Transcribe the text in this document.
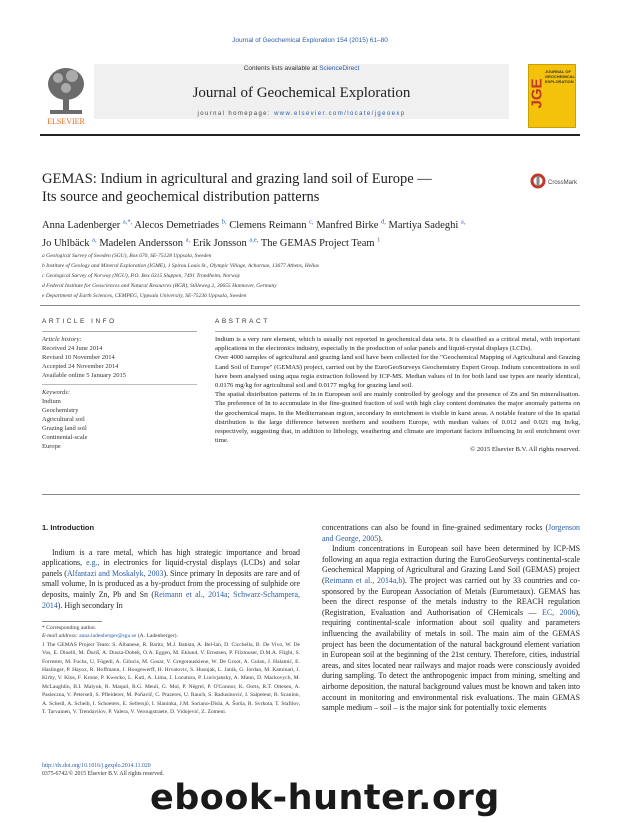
Journal of Geochemical Exploration 154 (2015) 61–80
Contents lists available at ScienceDirect
Journal of Geochemical Exploration
journal homepage: www.elsevier.com/locate/jgeoexp
ELSEVIER
JOURNAL OF
GEOCHEMICAL
EXPLORATION
JGE
GEMAS: Indium in agricultural and grazing land soil of Europe —
Its source and geochemical distribution patterns
CrossMark
Anna Ladenberger $^{a,*,}$ Alecos Demetriades $^{b,}$ Clemens Reimann $^{c,}$ Manfred Birke $^{d,}$ Martiya Sadeghi $^{a,}$
Jo Uhlbäck $^{a,}$ Madelen Andersson $^{a,}$ Erik Jonsson $^{a,e,}$ The GEMAS Project Team $^1$
a Geological Survey of Sweden (SGU), Box 670, SE-75128 Uppsala, Sweden
b Institute of Geology and Mineral Exploration (IGME), 1 Spirou Louis St., Olympic Village, Acharnae, 13677 Athens, Hellas
c Geological Survey of Norway (NGU), P.O. Box 6315 Sluppen, 7491 Trondheim, Norway
d Federal Institute for Geosciences and Natural Resources (BGR), Stilleweg 2, 30655 Hannover, Germany
e Department of Earth Sciences, CEMPEG, Uppsala University, SE-75236 Uppsala, Sweden
ARTICLE INFO	ABSTRACT
Article history:
Received 24 June 2014
Revised 10 November 2014
Accepted 24 November 2014
Available online 5 January 2015
Keywords:
Indium
Geochemistry
Agricultural soil
Grazing land soil
Continental-scale
Europe

Indium is a very rare element, which is usually not reported in geochemical data sets. It is classified as a critical metal, with important applications in the electronics industry, especially in the production of solar panels and liquid-crystal displays (LCDs).

Over 4000 samples of agricultural and grazing land soil have been collected for the "Geochemical Mapping of Agricultural and Grazing Land Soil of Europe" (GEMAS) project, carried out by the EuroGeoSurveys Geochemistry Expert Group. Indium concentrations in soil have been analysed using aqua regia extraction followed by ICP-MS. Median values of In for both land use types are nearly identical, 0.0176 mg/kg for agricultural soil and 0.0177 mg/kg for grazing land soil.

The spatial distribution patterns of In in European soil are mainly controlled by geology and the presence of Zn and Sn mineralisation. The preference of In to accumulate in the fine-grained fraction of soil with high clay content dominates the major anomaly patterns on the geochemical maps. In the Mediterranean region, secondary In enrichment is visible in karst areas. A notable feature of the In spatial distribution is the large difference between northern and southern Europe, with median values of 0.012 and 0.021 mg In/kg, respectively, suggesting that, in addition to lithology, weathering and climate are important factors influencing In soil enrichment over time.

© 2015 Elsevier B.V. All rights reserved.

1. Introduction

Indium is a rare metal, which has high strategic importance and broad applications, e.g., in electronics for liquid-crystal displays (LCDs) and solar panels (Alfantazi and Moskalyk, 2003). Since primary In deposits are rare and of small volume, In is produced as a by-product from the processing of sulphide ore deposits, mainly Zn, Pb and Sn (Reimann et al., 2014a; Schwarz-Schampera, 2014). High secondary In

concentrations can also be found in fine-grained sedimentary rocks (Jorgenson and George, 2005).

Indium concentrations in European soil have been determined by ICP-MS following an aqua regia extraction during the EuroGeoSurveys continental-scale Geochemical Mapping of Agricultural and Grazing Land Soil (GEMAS) project (Reimann et al., 2014a,b). The project was carried out by 33 countries and co-sponsored by the European Association of Metals (Eurometaux). GEMAS has been the direct response of the metals industry to the REACH regulation (Registration, Evaluation and Authorisation of CHemicals — EC, 2006), requiring continental-scale information about soil quality and parameters influencing the availability of metals in soil. The main aim of the GEMAS project has been the documentation of the natural background element variation in European soil at the beginning of the 21st century. Therefore, cities, industrial areas, and sites located near railways and major roads were consciously avoided during sampling. To detect the anthropogenic impact from mining, smelting and airborne deposition, the natural background values must be known and taken into account in monitoring and environmental risk evaluations. The main GEMAS sample medium – soil – is the major sink for potentially toxic elements

* Corresponding author.

E-mail address: anna.ladenberger@sgu.se (A. Ladenberger).

1 The GEMAS Project Team: S. Albanese, R. Baritz, M.J. Batista, A. Bel-lan, D. Cicchella, B. De Vivo, W. De Vos, E. Dinelli, M. Ďuriš, A. Dusza-Dobek, O.A. Eggen, M. Eklund, V. Ernstsen, P. Filzmoser, D.M.A. Flight, S. Forrester, M. Fuchs, U. Fügedi, A. Gilucis, M. Gosar, V. Gregorauskiene, W. De Groot, A. Gulan, J. Halamić, E. Haslinger, P. Hayoz, R. Hoffmann, J. Hoogewerff, H. Hrvatovic, S. Husnjak, L. Janik, G. Jordan, M. Kaminari, J. Kirby, V. Klos, F. Krone, P. Kwecko, L. Kuti, A. Lima, J. Locutura, P. Lucivjansky, A. Mann, D. Mackovych, M. McLaughlin, B.I. Malyuk, R. Maquil, R.G. Meuli, G. Mol, P. Négrel, P. O'Connor, K. Oorts, R.T. Ottesen, A. Pasieczna, V. Petersell, S. Pfleiderer, M. Poňavič, C. Prazeres, U. Rauch, S. Radusinović, I. Salpeteur, R. Scanlon, A. Schedl, A. Scheib, I. Schoeters, E. Sellersjö, I. Slaninka, J.M. Soriano-Disla, A. Šorša, R. Svrkota, T. Stafilov, T. Tarvainen, V. Trendavilov, P. Valera, V. Verougstraete, D. Vidojević, Z. Zomeni.

http://dx.doi.org/10.1016/j.gexplo.2014.11.020
0375-6742/© 2015 Elsevier B.V. All rights reserved.
ebook-hunter.org
